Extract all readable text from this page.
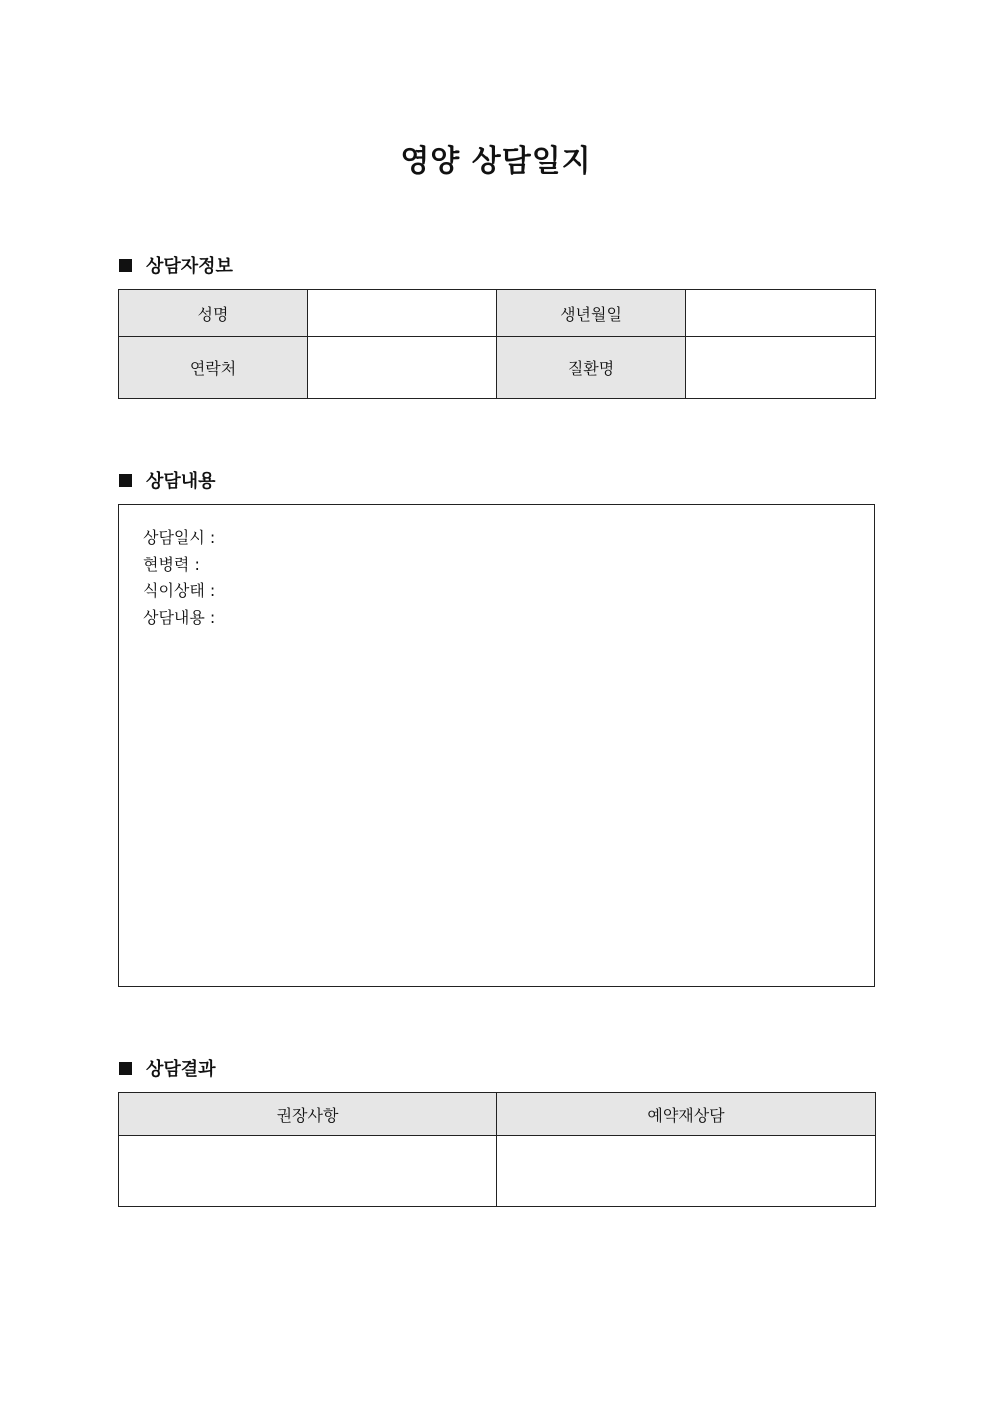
영양 상담일지
상담자정보
성명		생년월일	
연락처		질환명	
상담내용
상담일시 :
현병력 :
식이상태 :
상담내용 :
상담결과
권장사항	예약재상담
